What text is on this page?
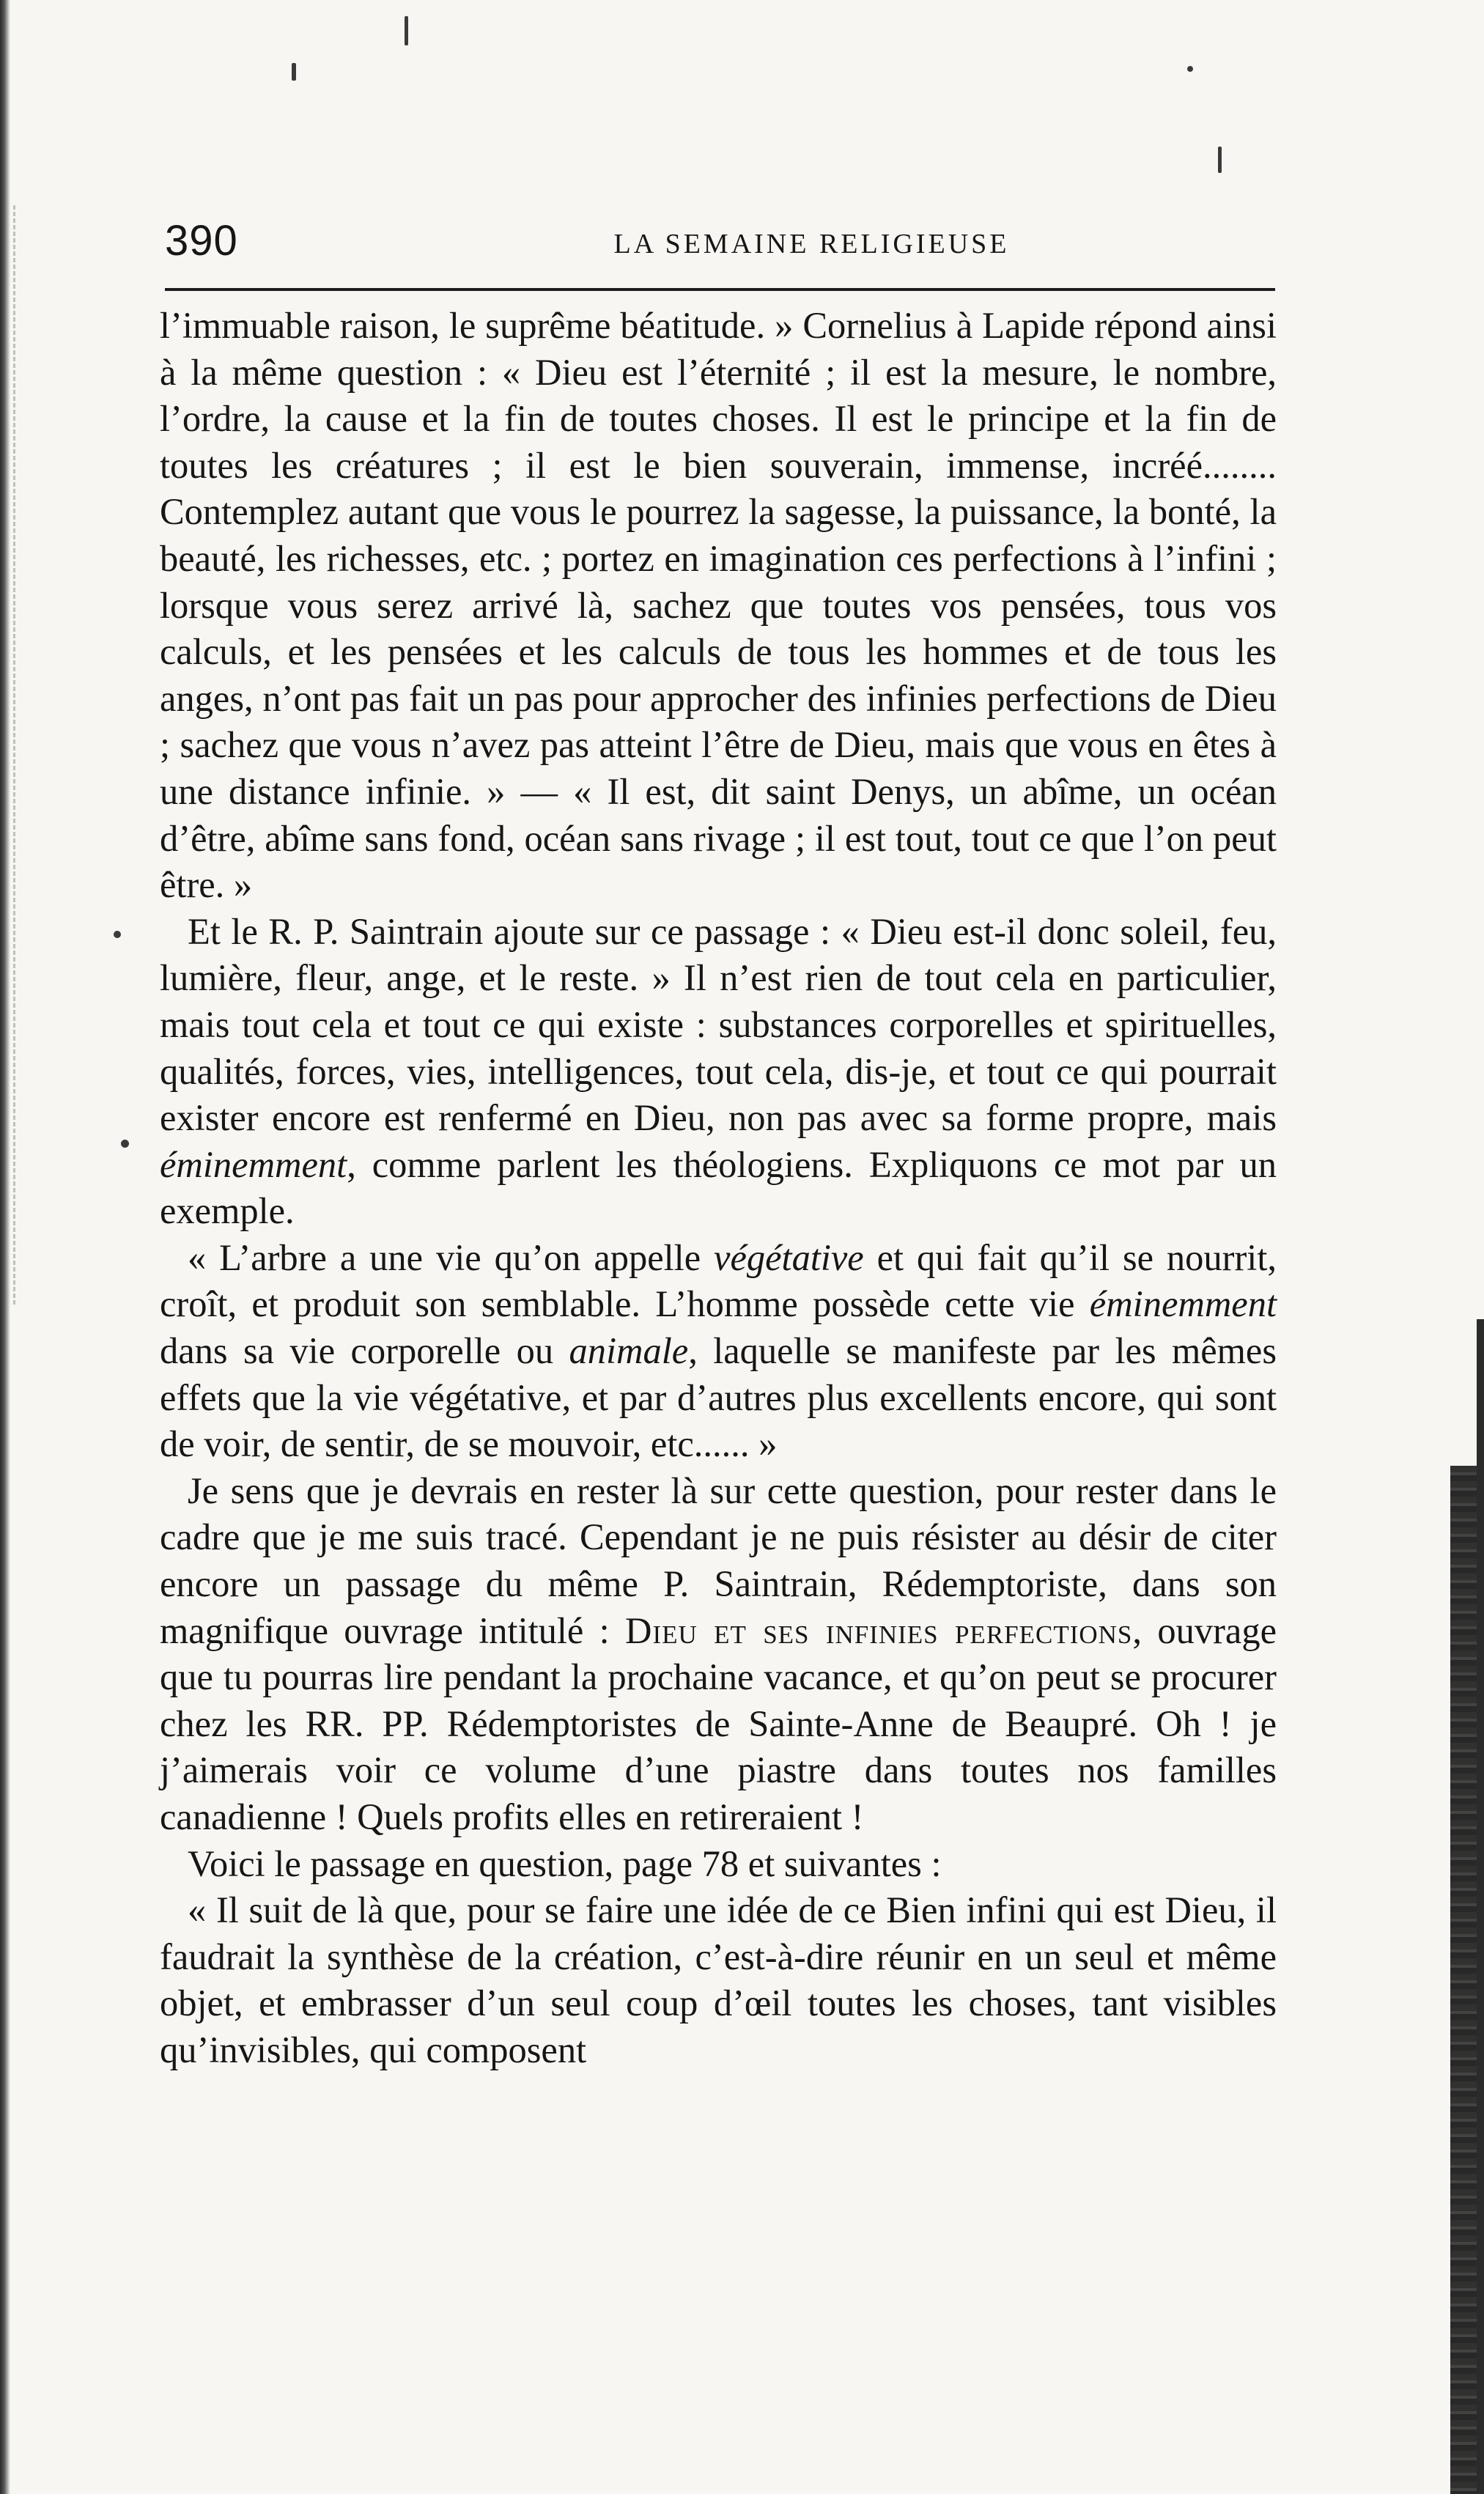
390	LA SEMAINE RELIGIEUSE

l’immuable raison, le suprême béatitude. » Cornelius à Lapide répond ainsi à la même question : « Dieu est l’éternité ; il est la mesure, le nombre, l’ordre, la cause et la fin de toutes choses. Il est le principe et la fin de toutes les créatures ; il est le bien souverain, immense, incréé........ Contemplez autant que vous le pourrez la sagesse, la puissance, la bonté, la beauté, les richesses, etc. ; portez en imagination ces perfections à l’infini ; lorsque vous serez arrivé là, sachez que toutes vos pensées, tous vos calculs, et les pensées et les calculs de tous les hommes et de tous les anges, n’ont pas fait un pas pour approcher des infinies perfections de Dieu ; sachez que vous n’avez pas atteint l’être de Dieu, mais que vous en êtes à une distance infinie. » — « Il est, dit saint Denys, un abîme, un océan d’être, abîme sans fond, océan sans rivage ; il est tout, tout ce que l’on peut être. »

Et le R. P. Saintrain ajoute sur ce passage : « Dieu est-il donc soleil, feu, lumière, fleur, ange, et le reste. » Il n’est rien de tout cela en particulier, mais tout cela et tout ce qui existe : substances corporelles et spirituelles, qualités, forces, vies, intelligences, tout cela, dis-je, et tout ce qui pourrait exister encore est renfermé en Dieu, non pas avec sa forme propre, mais éminemment, comme parlent les théologiens. Expliquons ce mot par un exemple.

« L’arbre a une vie qu’on appelle végétative et qui fait qu’il se nourrit, croît, et produit son semblable. L’homme possède cette vie éminemment dans sa vie corporelle ou animale, laquelle se manifeste par les mêmes effets que la vie végétative, et par d’autres plus excellents encore, qui sont de voir, de sentir, de se mouvoir, etc...... »

Je sens que je devrais en rester là sur cette question, pour rester dans le cadre que je me suis tracé. Cependant je ne puis résister au désir de citer encore un passage du même P. Saintrain, Rédemptoriste, dans son magnifique ouvrage intitulé : Dieu et ses infinies perfections, ouvrage que tu pourras lire pendant la prochaine vacance, et qu’on peut se procurer chez les RR. PP. Rédemptoristes de Sainte-Anne de Beaupré. Oh ! je j’aimerais voir ce volume d’une piastre dans toutes nos familles canadienne ! Quels profits elles en retireraient !

Voici le passage en question, page 78 et suivantes :

« Il suit de là que, pour se faire une idée de ce Bien infini qui est Dieu, il faudrait la synthèse de la création, c’est-à-dire réunir en un seul et même objet, et embrasser d’un seul coup d’œil toutes les choses, tant visibles qu’invisibles, qui composent
